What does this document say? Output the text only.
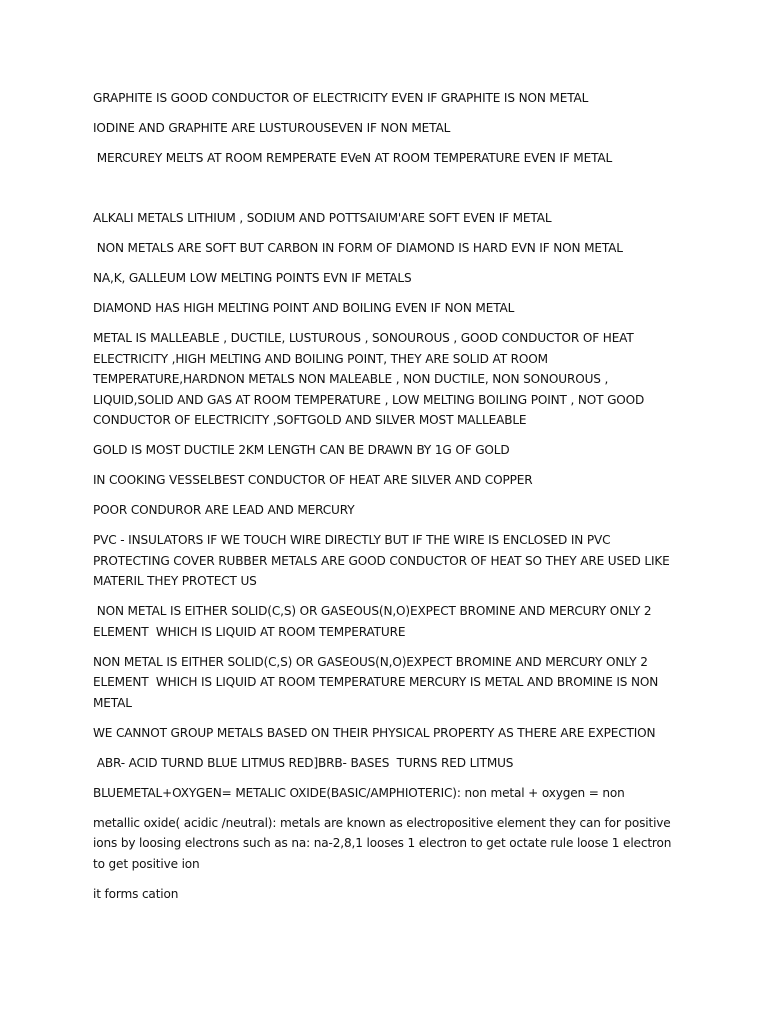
GRAPHITE IS GOOD CONDUCTOR OF ELECTRICITY EVEN IF GRAPHITE IS NON METAL

IODINE AND GRAPHITE ARE LUSTUROUSEVEN IF NON METAL

MERCUREY MELTS AT ROOM REMPERATE EVeN AT ROOM TEMPERATURE EVEN IF METAL

ALKALI METALS LITHIUM , SODIUM AND POTTSAIUM'ARE SOFT EVEN IF METAL

NON METALS ARE SOFT BUT CARBON IN FORM OF DIAMOND IS HARD EVN IF NON METAL

NA,K, GALLEUM LOW MELTING POINTS EVN IF METALS

DIAMOND HAS HIGH MELTING POINT AND BOILING EVEN IF NON METAL

METAL IS MALLEABLE , DUCTILE, LUSTUROUS , SONOUROUS , GOOD CONDUCTOR OF HEAT ELECTRICITY ,HIGH MELTING AND BOILING POINT, THEY ARE SOLID AT ROOM TEMPERATURE,HARDNON METALS NON MALEABLE , NON DUCTILE, NON SONOUROUS , LIQUID,SOLID AND GAS AT ROOM TEMPERATURE , LOW MELTING BOILING POINT , NOT GOOD CONDUCTOR OF ELECTRICITY ,SOFTGOLD AND SILVER MOST MALLEABLE

GOLD IS MOST DUCTILE 2KM LENGTH CAN BE DRAWN BY 1G OF GOLD

IN COOKING VESSELBEST CONDUCTOR OF HEAT ARE SILVER AND COPPER

POOR CONDUROR ARE LEAD AND MERCURY

PVC - INSULATORS IF WE TOUCH WIRE DIRECTLY BUT IF THE WIRE IS ENCLOSED IN PVC PROTECTING COVER RUBBER METALS ARE GOOD CONDUCTOR OF HEAT SO THEY ARE USED LIKE MATERIL THEY PROTECT US

NON METAL IS EITHER SOLID(C,S) OR GASEOUS(N,O)EXPECT BROMINE AND MERCURY ONLY 2 ELEMENT  WHICH IS LIQUID AT ROOM TEMPERATURE

NON METAL IS EITHER SOLID(C,S) OR GASEOUS(N,O)EXPECT BROMINE AND MERCURY ONLY 2 ELEMENT  WHICH IS LIQUID AT ROOM TEMPERATURE MERCURY IS METAL AND BROMINE IS NON METAL

WE CANNOT GROUP METALS BASED ON THEIR PHYSICAL PROPERTY AS THERE ARE EXPECTION

ABR- ACID TURND BLUE LITMUS RED]BRB- BASES  TURNS RED LITMUS

BLUEMETAL+OXYGEN= METALIC OXIDE(BASIC/AMPHIOTERIC): non metal + oxygen = non

metallic oxide( acidic /neutral): metals are known as electropositive element they can for positive ions by loosing electrons such as na: na-2,8,1 looses 1 electron to get octate rule loose 1 electron to get positive ion

it forms cation
